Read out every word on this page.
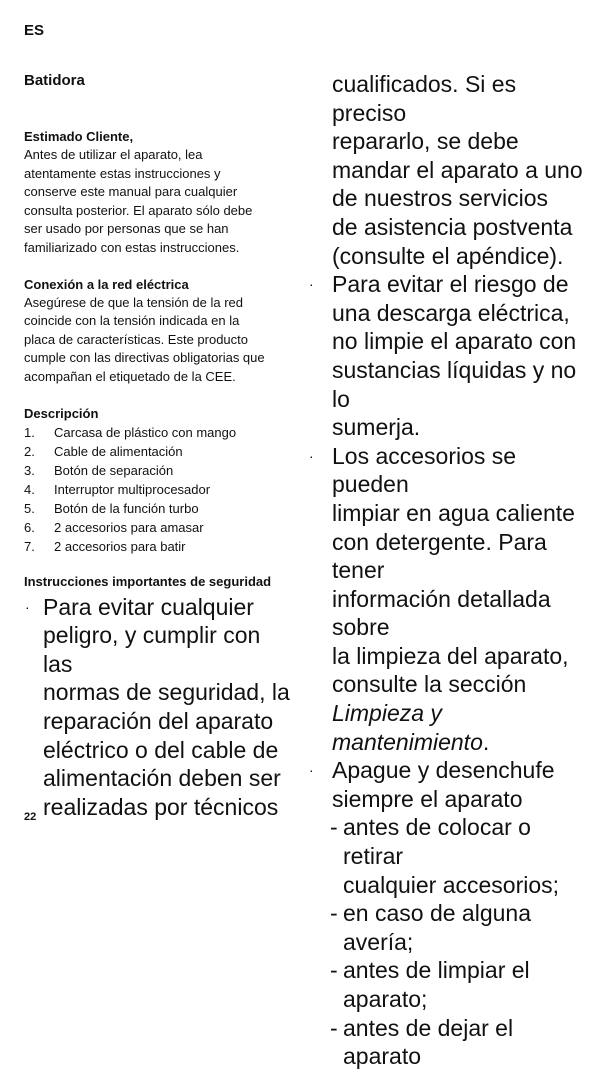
ES
Batidora
Estimado Cliente,

Antes de utilizar el aparato, lea

atentamente estas instrucciones y

conserve este manual para cualquier

consulta posterior. El aparato sólo debe

ser usado por personas que se han

familiarizado con estas instrucciones.

Conexión a la red eléctrica

Asegúrese de que la tensión de la red

coincide con la tensión indicada en la

placa de características. Este producto

cumple con las directivas obligatorias que

acompañan el etiquetado de la CEE.

Descripción
1. Carcasa de plástico con mango
2. Cable de alimentación
3. Botón de separación
4. Interruptor multiprocesador
5. Botón de la función turbo
6. 2 accesorios para amasar
7. 2 accesorios para batir
Instrucciones importantes de seguridad
· Para evitar cualquier
peligro, y cumplir con las
normas de seguridad, la
reparación del aparato
eléctrico o del cable de
alimentación deben ser
realizadas por técnicos
cualificados. Si es preciso
repararlo, se debe
mandar el aparato a uno
de nuestros servicios
de asistencia postventa
(consulte el apéndice).
· Para evitar el riesgo de
una descarga eléctrica,
no limpie el aparato con
sustancias líquidas y no lo
sumerja.
· Los accesorios se pueden
limpiar en agua caliente
con detergente. Para tener
información detallada sobre
la limpieza del aparato,
consulte la sección
Limpieza y mantenimiento.
· Apague y desenchufe
siempre el aparato
- antes de colocar o retirar
cualquier accesorios;
- en caso de alguna avería;
- antes de limpiar el
aparato;
- antes de dejar el aparato
22
